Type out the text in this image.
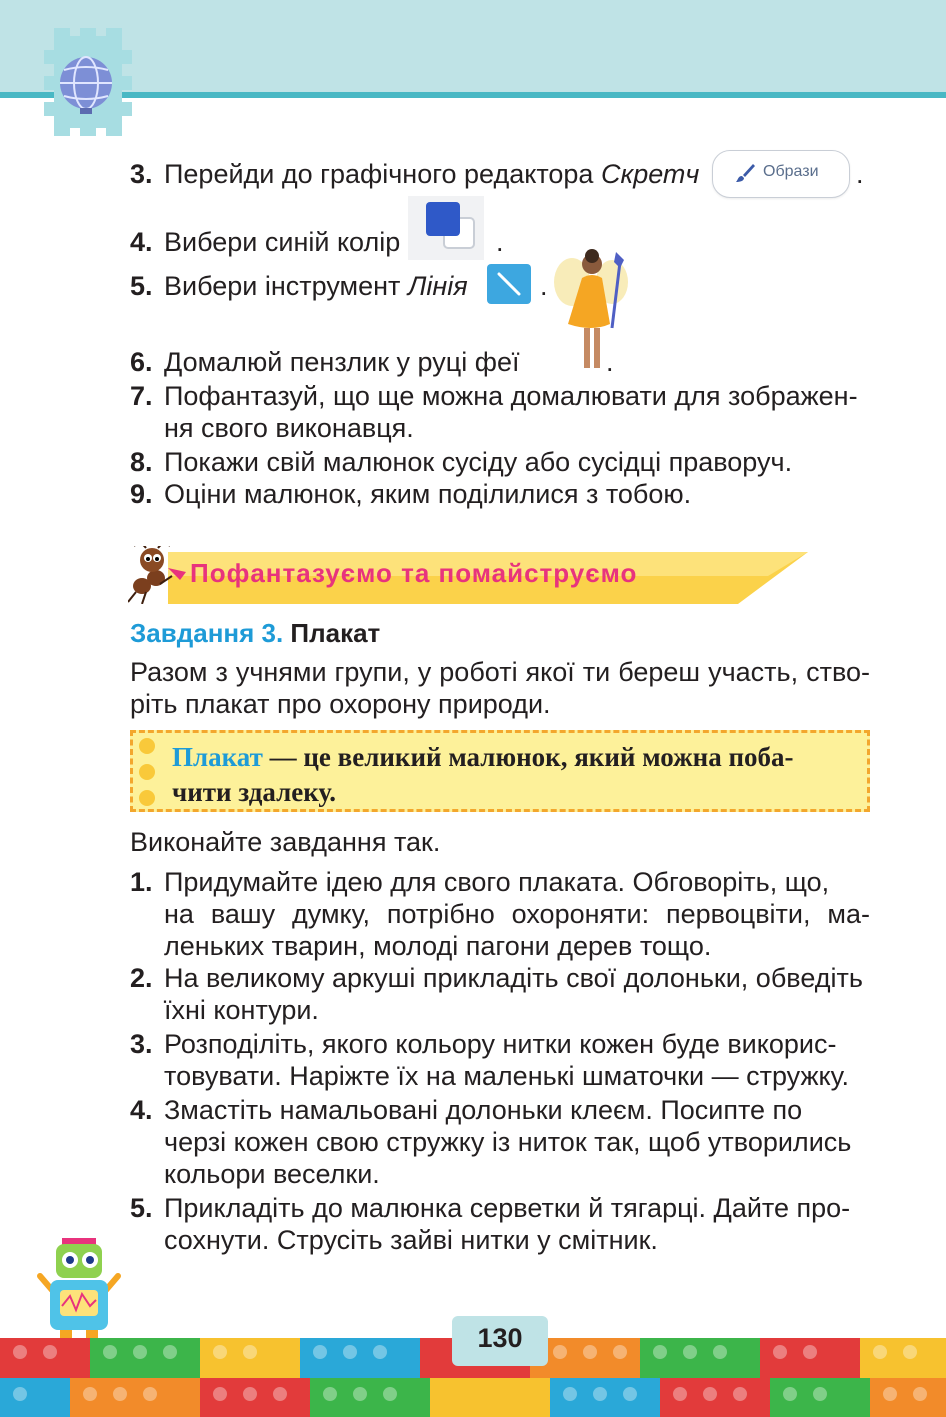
3. Перейди до графічного редактора Скретч	Образи .
4. Вибери синій колір	.
5. Вибери інструмент Лінія	.
6. Домалюй пензлик у руці феї	.
7. Пофантазуй, що ще можна домалювати для зображен-
ня свого виконавця.
8. Покажи свій малюнок сусіду або сусідці праворуч.
9. Оціни малюнок, яким поділилися з тобою.
Пофантазуємо та помайструємо
Завдання 3. Плакат
Разом з учнями групи, у роботі якої ти береш участь, ство-
ріть плакат про охорону природи.
Плакат — це великий малюнок, який можна поба-
чити здалеку.
Виконайте завдання так.
1. Придумайте ідею для свого плаката. Обговоріть, що,
на вашу думку, потрібно охороняти: первоцвіти, ма-
леньких тварин, молоді пагони дерев тощо.
2. На великому аркуші прикладіть свої долоньки, обведіть
їхні контури.
3. Розподіліть, якого кольору нитки кожен буде викорис-
товувати. Наріжте їх на маленькі шматочки — стружку.
4. Змастіть намальовані долоньки клеєм. Посипте по
черзі кожен свою стружку із ниток так, щоб утворились
кольори веселки.
5. Прикладіть до малюнка серветки й тягарці. Дайте про-
сохнути. Струсіть зайві нитки у смітник.
130
